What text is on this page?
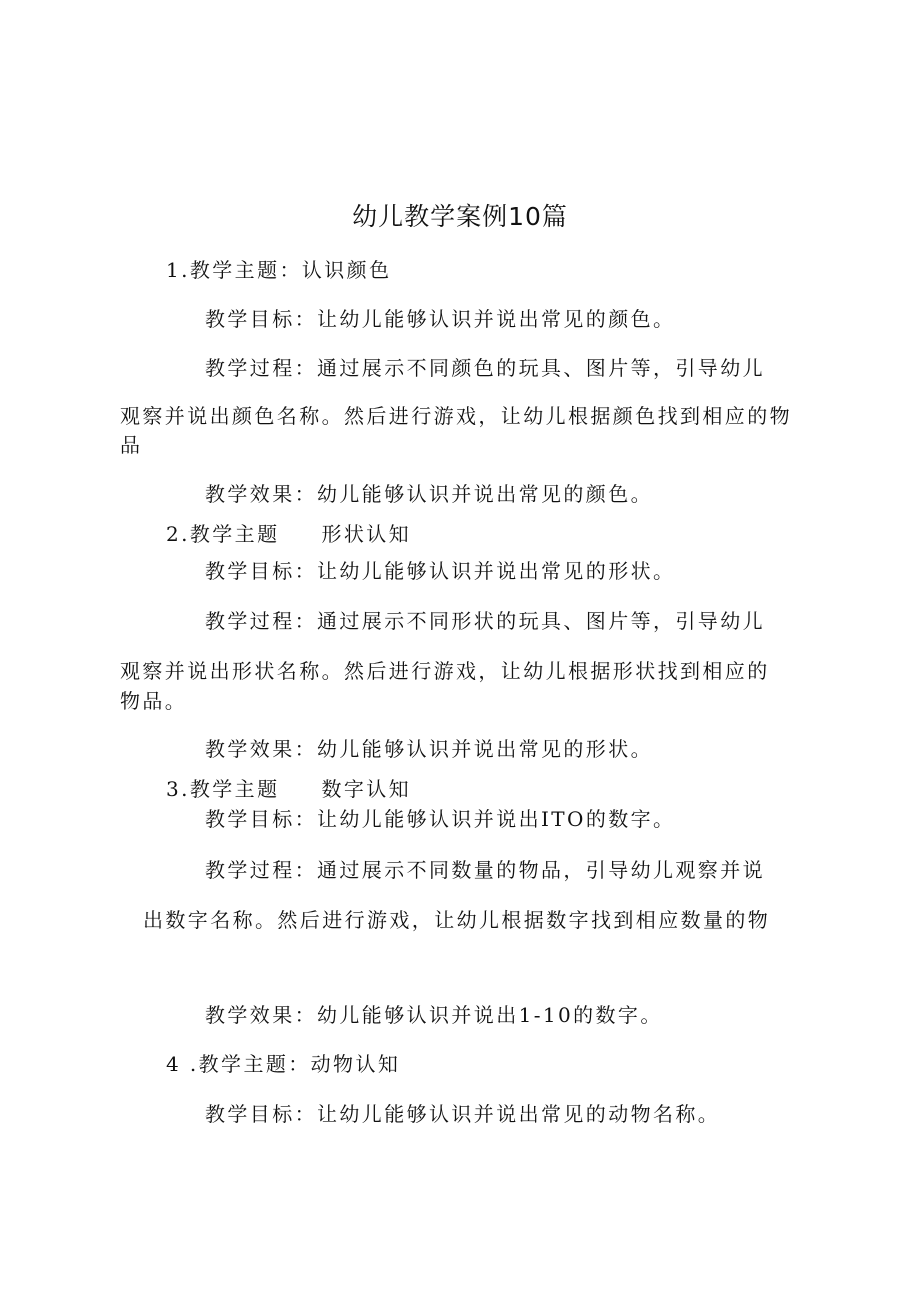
幼儿教学案例10篇
1.教学主题：认识颜色
教学目标：让幼儿能够认识并说出常见的颜色。
教学过程：通过展示不同颜色的玩具、图片等，引导幼儿
观察并说出颜色名称。然后进行游戏，让幼儿根据颜色找到相应的物
品
教学效果：幼儿能够认识并说出常见的颜色。
2.教学主题 形状认知
教学目标：让幼儿能够认识并说出常见的形状。
教学过程：通过展示不同形状的玩具、图片等，引导幼儿
观察并说出形状名称。然后进行游戏，让幼儿根据形状找到相应的
物品。
教学效果：幼儿能够认识并说出常见的形状。
3.教学主题 数字认知
教学目标：让幼儿能够认识并说出ITO的数字。
教学过程：通过展示不同数量的物品，引导幼儿观察并说
出数字名称。然后进行游戏，让幼儿根据数字找到相应数量的物
教学效果：幼儿能够认识并说出1-10的数字。
4 .教学主题：动物认知
教学目标：让幼儿能够认识并说出常见的动物名称。
